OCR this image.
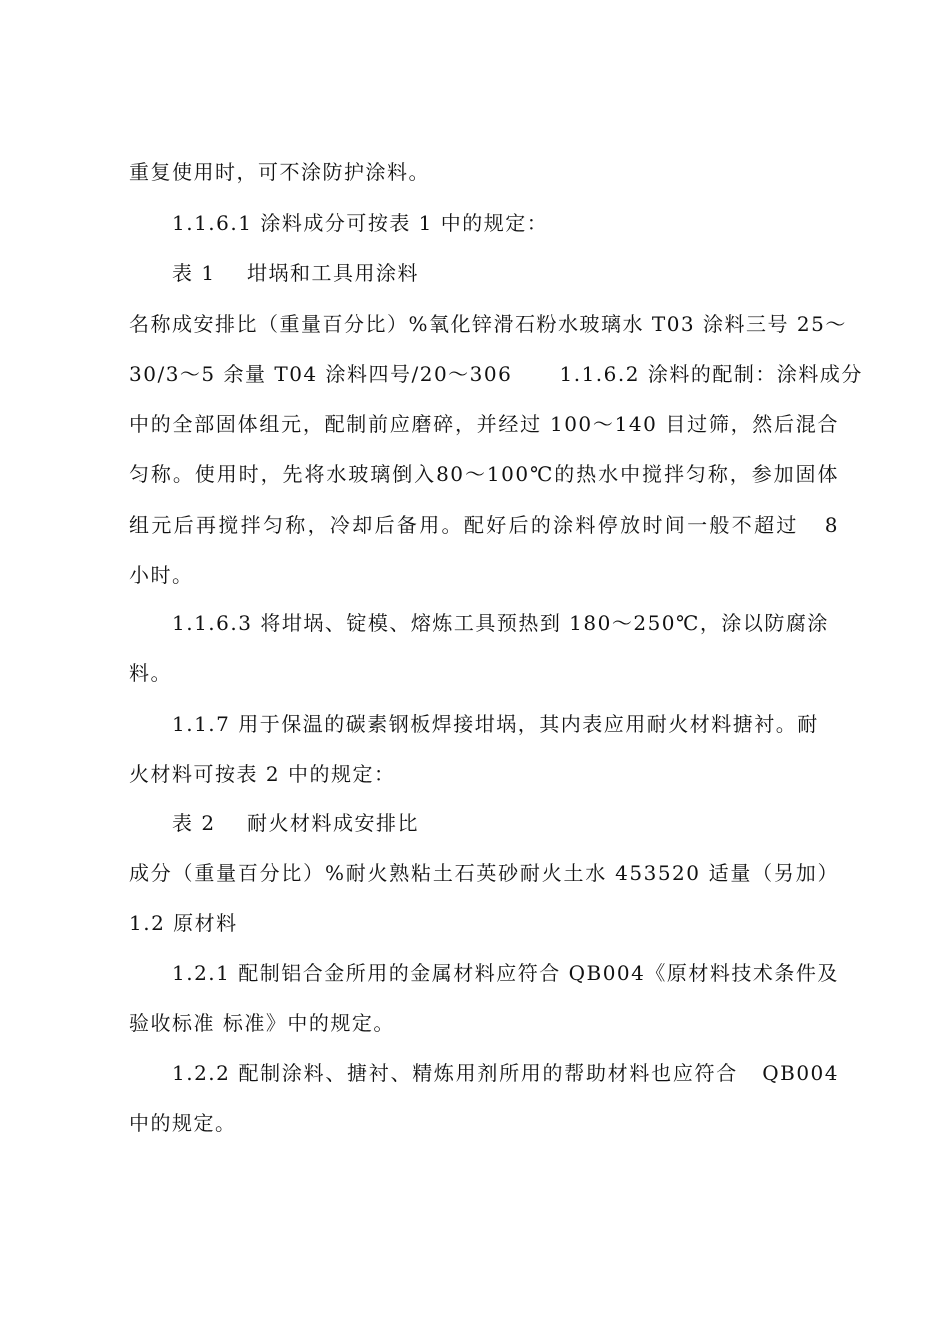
重复使用时，可不涂防护涂料。
1.1.6.1 涂料成分可按表 1 中的规定：
表 1    坩埚和工具用涂料
名称成安排比（重量百分比）%氧化锌滑石粉水玻璃水 T03 涂料三号 25～
30/3～5 余量 T04 涂料四号/20～306      1.1.6.2 涂料的配制：涂料成分
中的全部固体组元，配制前应磨碎，并经过 100～140 目过筛，然后混合
匀称。使用时，先将水玻璃倒入80～100℃的热水中搅拌匀称，参加固体
组元后再搅拌匀称，冷却后备用。配好后的涂料停放时间一般不超过   8
小时。
1.1.6.3 将坩埚、锭模、熔炼工具预热到 180～250℃，涂以防腐涂
料。
1.1.7 用于保温的碳素钢板焊接坩埚，其内表应用耐火材料搪衬。耐
火材料可按表 2 中的规定：
表 2    耐火材料成安排比
成分（重量百分比）%耐火熟粘土石英砂耐火土水 453520 适量（另加）
1.2 原材料
1.2.1 配制铝合金所用的金属材料应符合 QB004《原材料技术条件及
验收标准 标准》中的规定。
1.2.2 配制涂料、搪衬、精炼用剂所用的帮助材料也应符合   QB004
中的规定。
